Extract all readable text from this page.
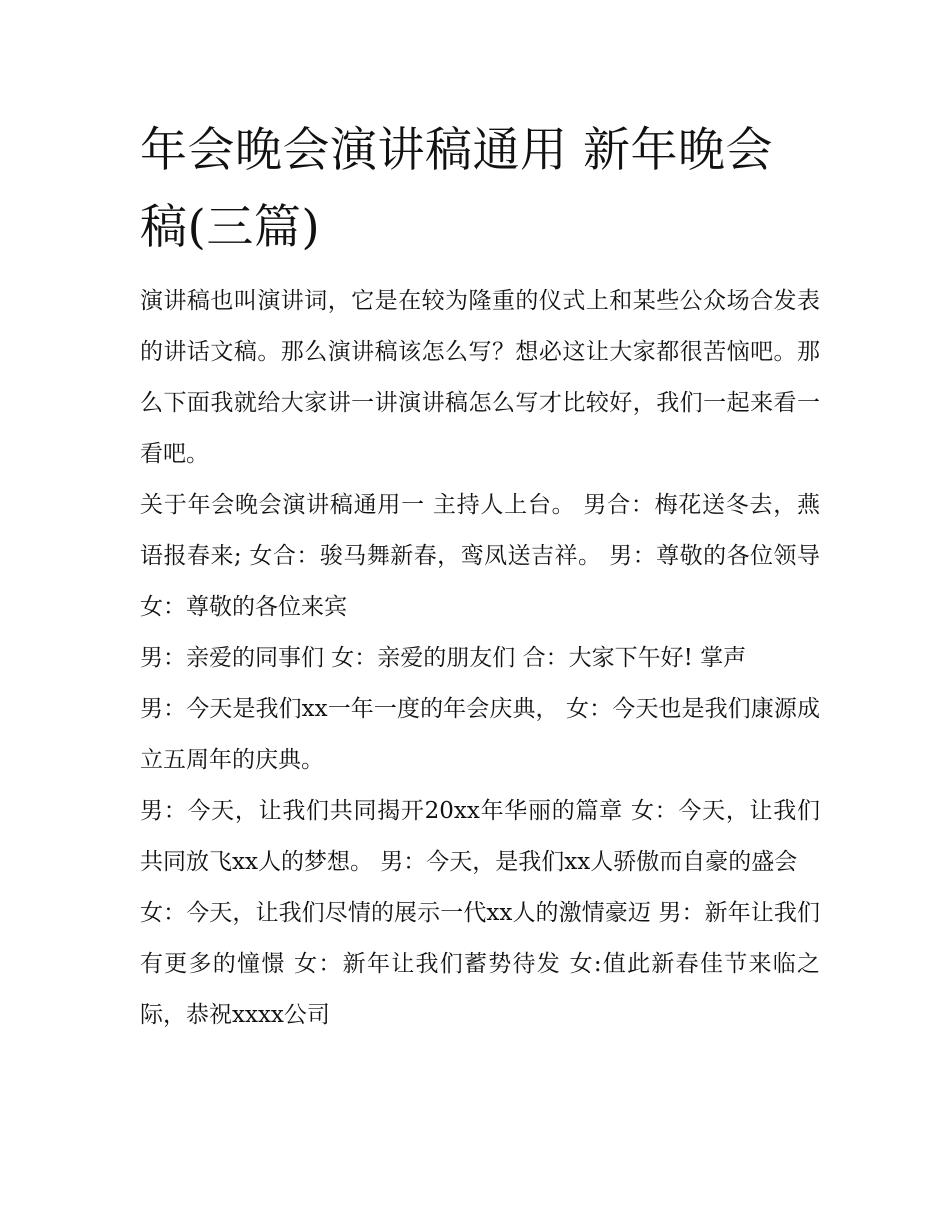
年会晚会演讲稿通用 新年晚会稿(三篇)

演讲稿也叫演讲词，它是在较为隆重的仪式上和某些公众场合发表的讲话文稿。那么演讲稿该怎么写？想必这让大家都很苦恼吧。那么下面我就给大家讲一讲演讲稿怎么写才比较好，我们一起来看一看吧。

关于年会晚会演讲稿通用一 主持人上台。 男合：梅花送冬去，燕语报春来; 女合：骏马舞新春，鸾凤送吉祥。 男：尊敬的各位领导 女：尊敬的各位来宾

男：亲爱的同事们 女：亲爱的朋友们 合：大家下午好! 掌声

男：今天是我们xx一年一度的年会庆典， 女：今天也是我们康源成立五周年的庆典。

男：今天，让我们共同揭开20xx年华丽的篇章 女：今天，让我们共同放飞xx人的梦想。 男：今天，是我们xx人骄傲而自豪的盛会

女：今天，让我们尽情的展示一代xx人的激情豪迈 男：新年让我们有更多的憧憬 女：新年让我们蓄势待发 女:值此新春佳节来临之际，恭祝xxxx公司
